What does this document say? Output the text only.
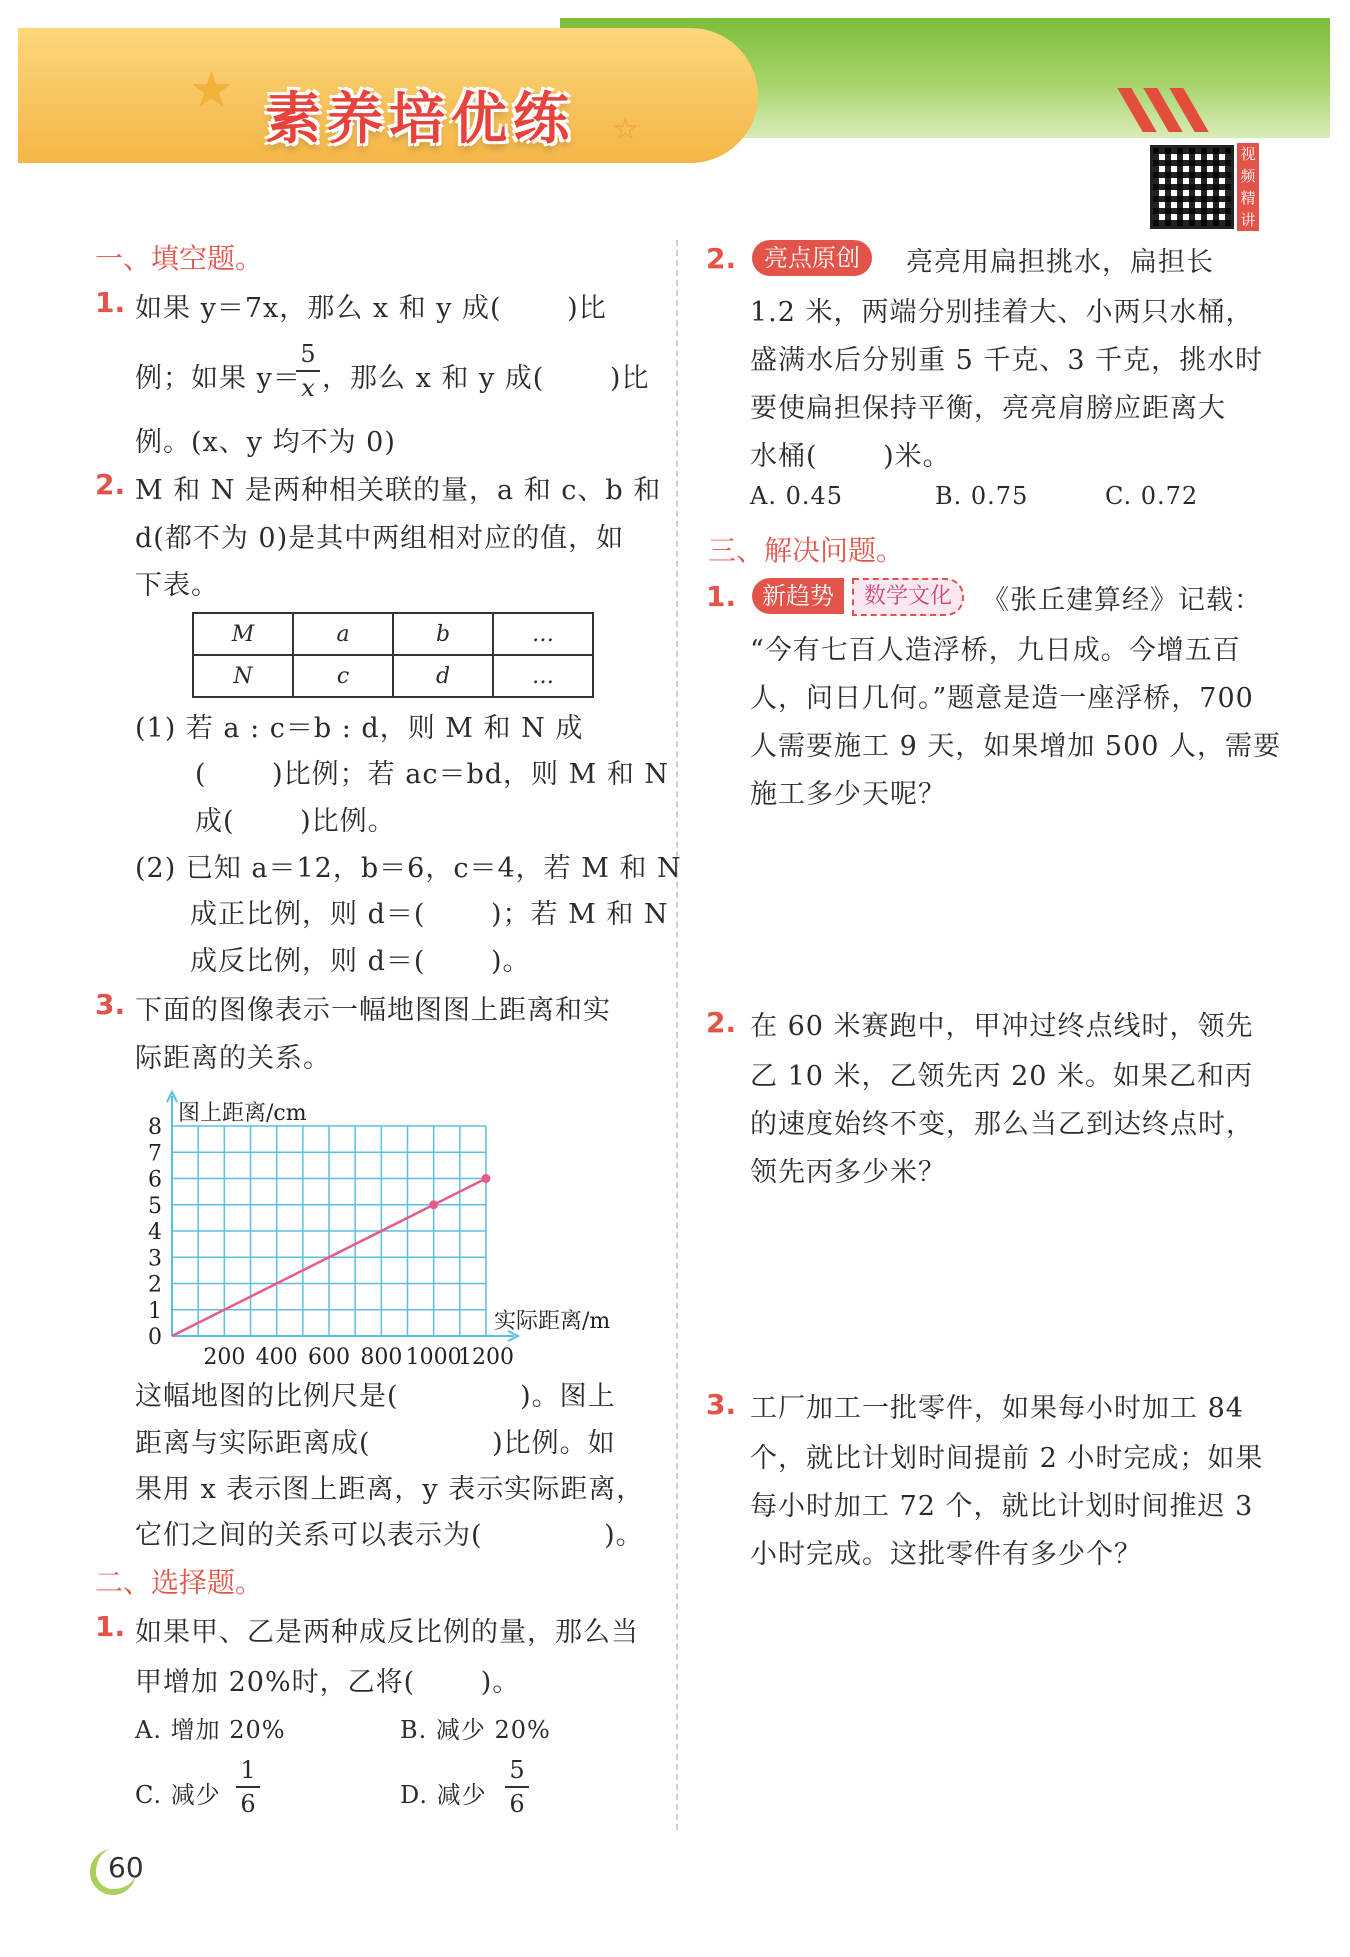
★
☆
素养培优练
视频精讲
一、填空题。
1. 如果 y＝7x，那么 x 和 y 成(　　 )比
例；如果 y＝
5
x ，那么 x 和 y 成(　　 )比
例。(x、y 均不为 0)
2. M 和 N 是两种相关联的量，a 和 c、b 和
d(都不为 0)是其中两组相对应的值，如
下表。
M	a	b	…
N	c	d	…
(1) 若 a : c＝b : d，则 M 和 N 成
(　　 )比例；若 ac＝bd，则 M 和 N
成(　　 )比例。
(2) 已知 a＝12，b＝6，c＝4，若 M 和 N
成正比例，则 d＝(　　 )；若 M 和 N
成反比例，则 d＝(　　 )。
3. 下面的图像表示一幅地图图上距离和实
际距离的关系。
0
1
2
3
4
5
6
7
8
200 400 600 800 1000
1200
图上距离/cm
实际距离/m
这幅地图的比例尺是(　　　　 )。图上
距离与实际距离成(　　　　 )比例。如
果用 x 表示图上距离，y 表示实际距离，
它们之间的关系可以表示为(　　　　 )。
二、选择题。
1. 如果甲、乙是两种成反比例的量，那么当
甲增加 20%时，乙将(　　 )。
A. 增加 20%	B. 减少 20%
C. 减少
1
6	D. 减少
5
6
2.	亮点原创	亮亮用扁担挑水，扁担长
1.2 米，两端分别挂着大、小两只水桶，
盛满水后分别重 5 千克、3 千克，挑水时
要使扁担保持平衡，亮亮肩膀应距离大
水桶(　　 )米。
A. 0.45	B. 0.75	C. 0.72
三、解决问题。
1.	新趋势	数学文化	《张丘建算经》记载：
“今有七百人造浮桥，九日成。今增五百
人，问日几何。”题意是造一座浮桥，700
人需要施工 9 天，如果增加 500 人，需要
施工多少天呢？
2. 在 60 米赛跑中，甲冲过终点线时，领先
乙 10 米，乙领先丙 20 米。如果乙和丙
的速度始终不变，那么当乙到达终点时，
领先丙多少米？
3. 工厂加工一批零件，如果每小时加工 84
个，就比计划时间提前 2 小时完成；如果
每小时加工 72 个，就比计划时间推迟 3
小时完成。这批零件有多少个？
60
